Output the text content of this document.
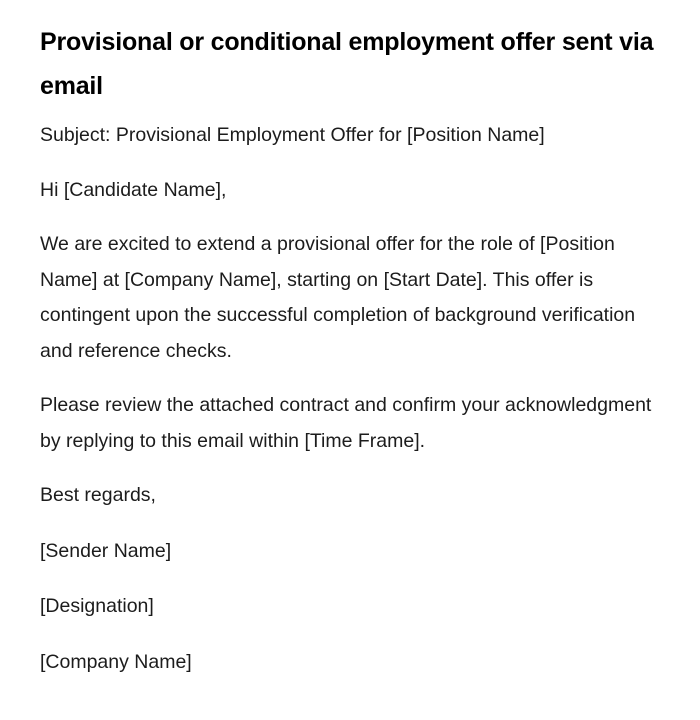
Provisional or conditional employment offer sent via email

Subject: Provisional Employment Offer for [Position Name]

Hi [Candidate Name],

We are excited to extend a provisional offer for the role of [Position Name] at [Company Name], starting on [Start Date]. This offer is contingent upon the successful completion of background verification and reference checks.

Please review the attached contract and confirm your acknowledgment by replying to this email within [Time Frame].

Best regards,

[Sender Name]

[Designation]

[Company Name]
